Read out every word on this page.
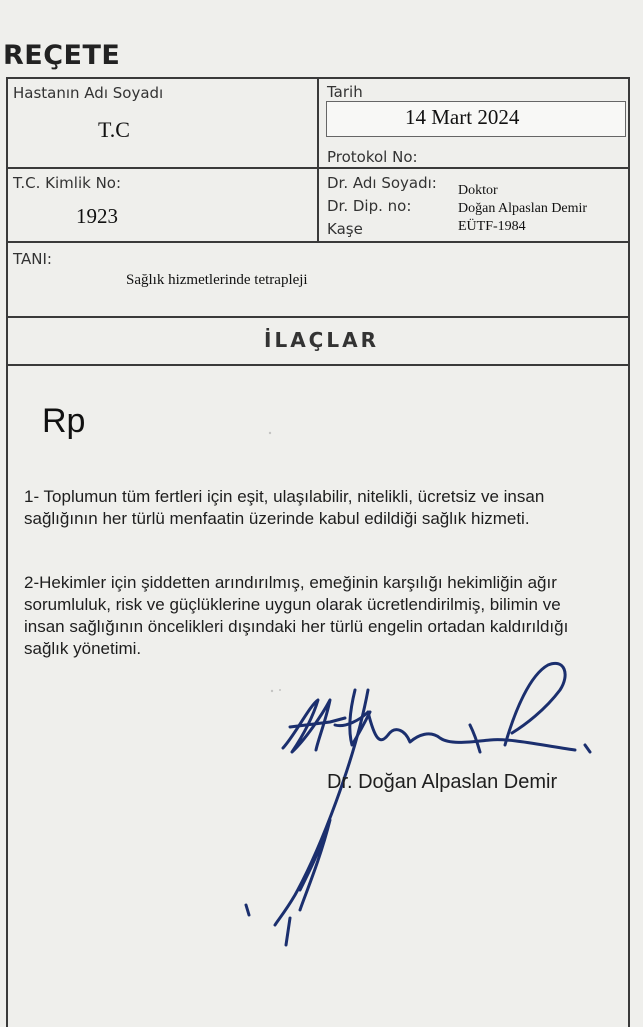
REÇETE
Hastanın Adı Soyadı	Tarih
14 Mart 2024
Protokol No:
T.C
T.C. Kimlik No:
1923
Dr. Adı Soyadı:
Dr. Dip. no:
Kaşe
Doktor
Doğan Alpaslan Demir
EÜTF-1984
TANI:
Sağlık hizmetlerinde tetrapleji
İLAÇLAR
Rp
1- Toplumun tüm fertleri için eşit, ulaşılabilir, nitelikli, ücretsiz ve insan sağlığının her türlü menfaatin üzerinde kabul edildiği sağlık hizmeti.
2-Hekimler için şiddetten arındırılmış, emeğinin karşılığı hekimliğin ağır sorumluluk, risk ve güçlüklerine uygun olarak ücretlendirilmiş, bilimin ve insan sağlığının öncelikleri dışındaki her türlü engelin ortadan kaldırıldığı sağlık yönetimi.
Dr. Doğan Alpaslan Demir
